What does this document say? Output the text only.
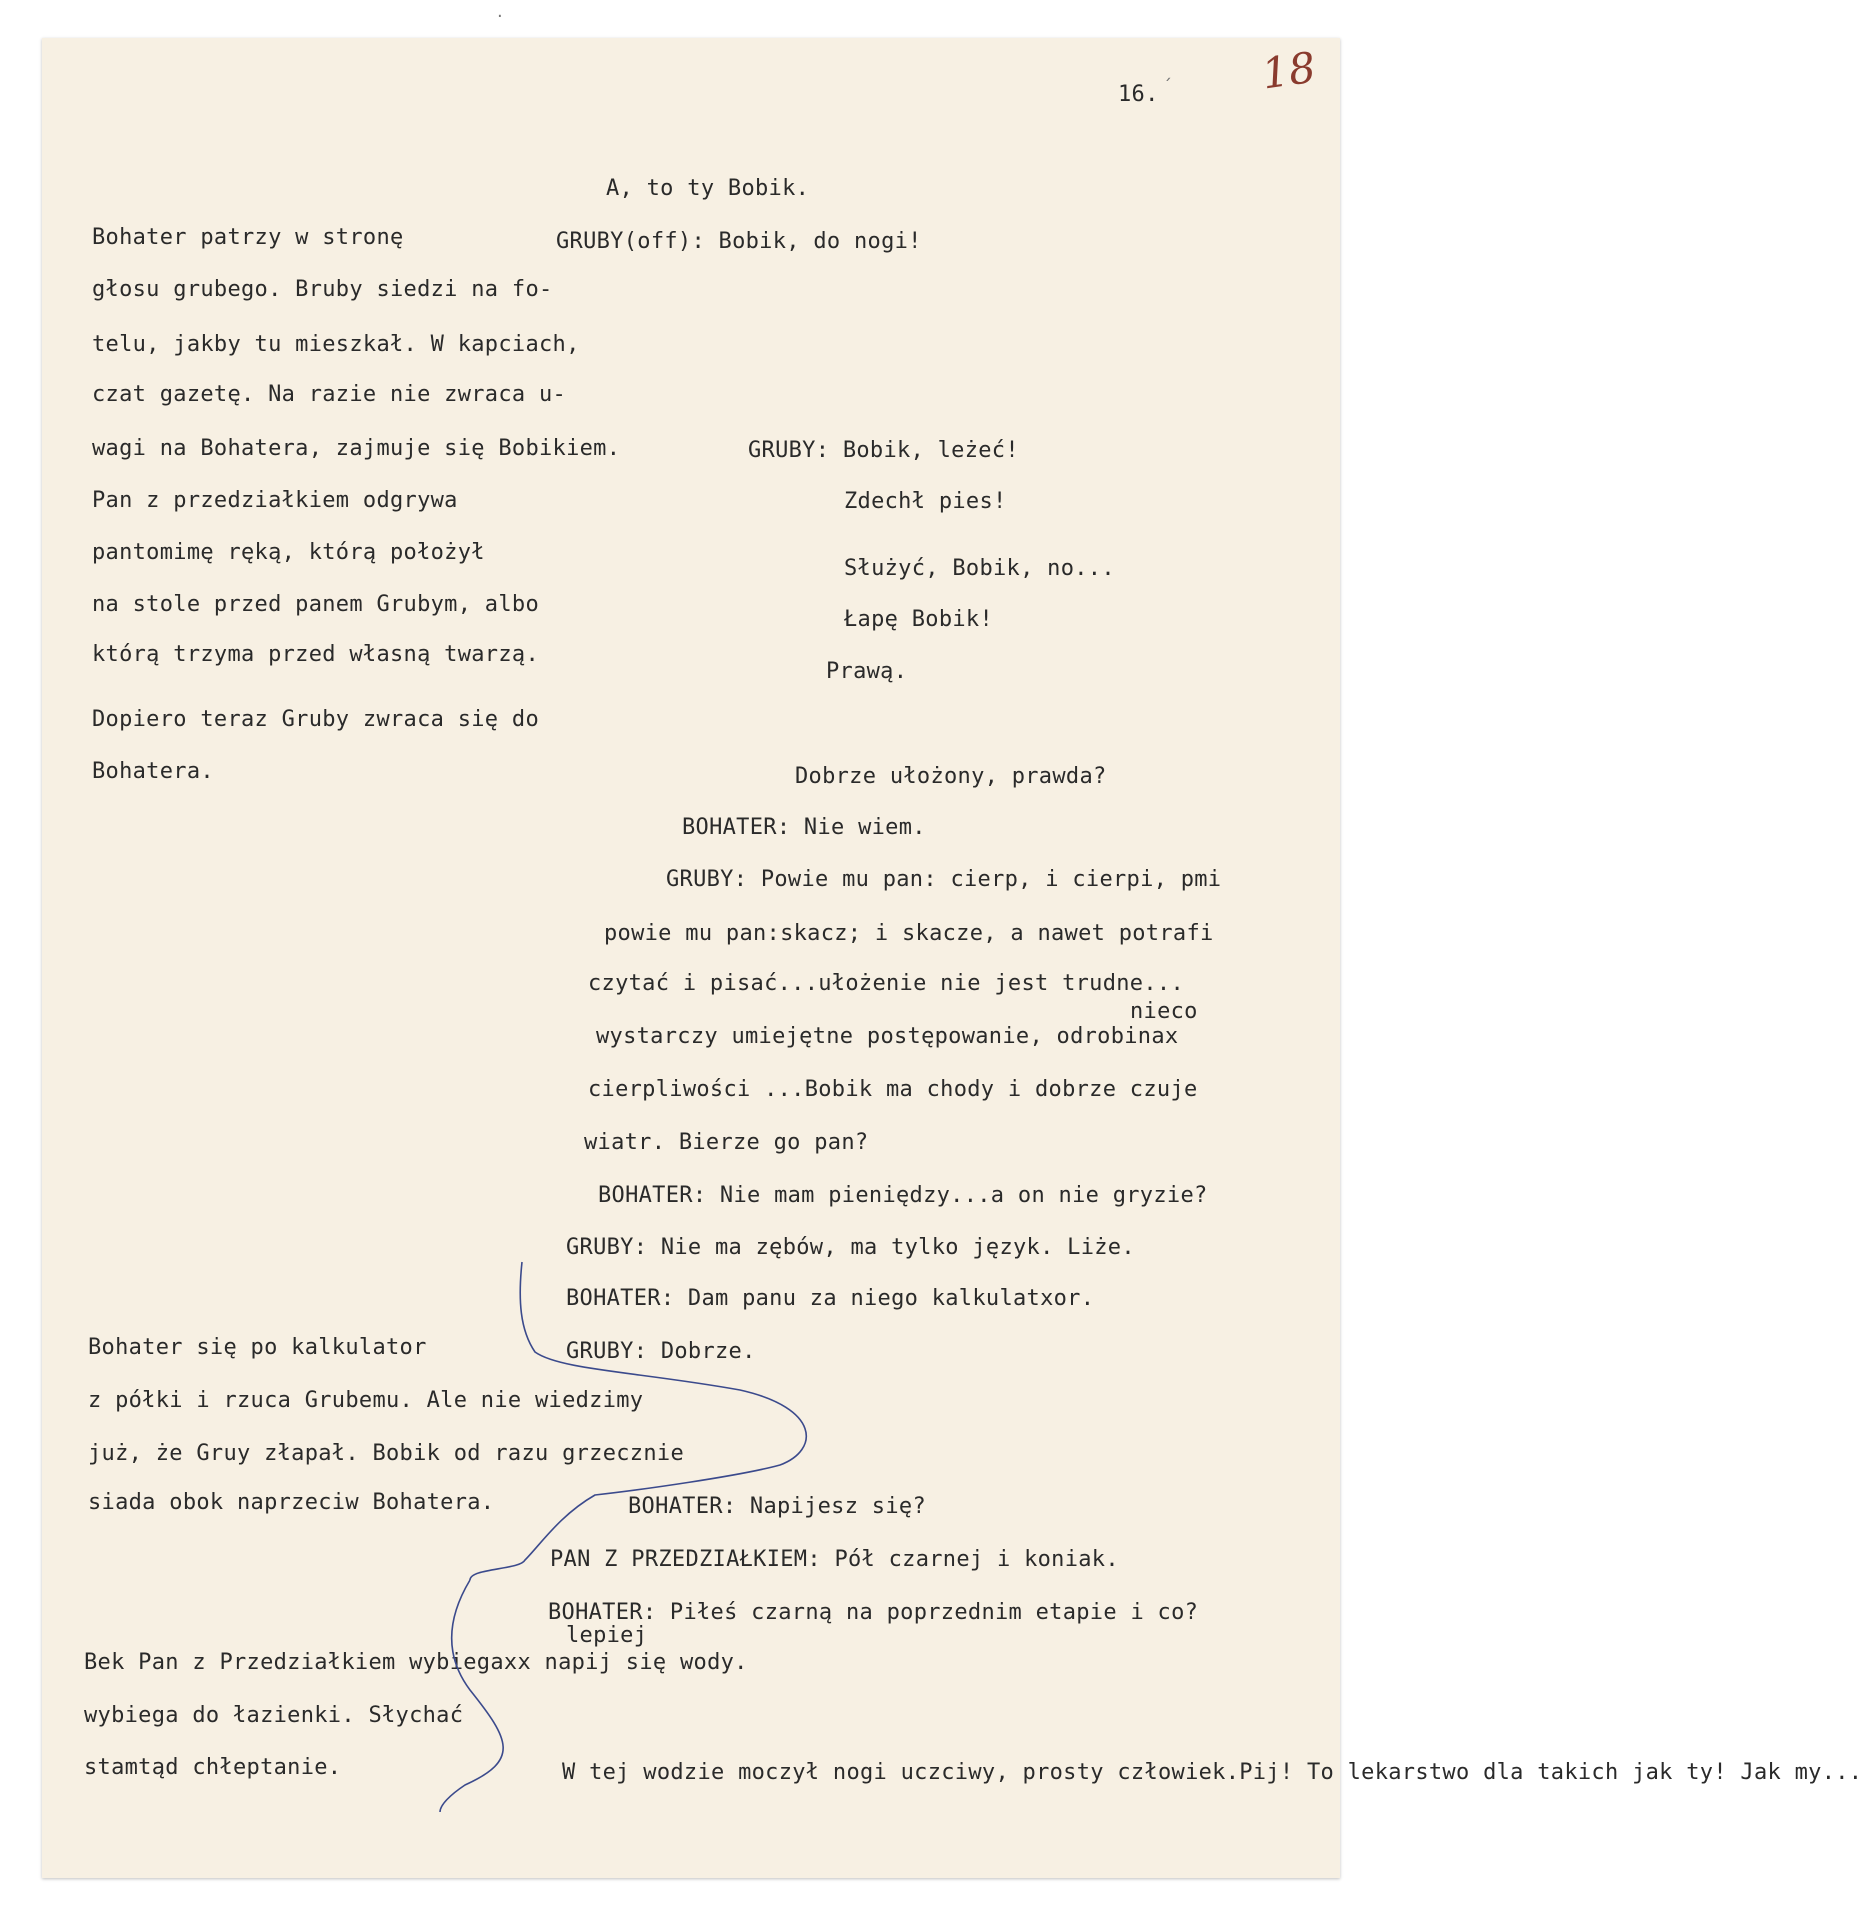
·
16. ´ 18
A, to ty Bobik.
Bohater patrzy w stronę	GRUBY(off): Bobik, do nogi!
głosu grubego. Bruby siedzi na fo-
telu, jakby tu mieszkał. W kapciach,
czat gazetę. Na razie nie zwraca u-
wagi na Bohatera, zajmuje się Bobikiem.	GRUBY: Bobik, leżeć!
Pan z przedziałkiem odgrywa	Zdechł pies!
pantomimę ręką, którą położył
Służyć, Bobik, no...
na stole przed panem Grubym, albo
Łapę Bobik!
którą trzyma przed własną twarzą.
Prawą.
Dopiero teraz Gruby zwraca się do
Bohatera.	Dobrze ułożony, prawda?
BOHATER: Nie wiem.
GRUBY: Powie mu pan: cierp, i cierpi, pmi
powie mu pan:skacz; i skacze, a nawet potrafi
czytać i pisać...ułożenie nie jest trudne...
nieco
wystarczy umiejętne postępowanie, odrobinax
cierpliwości ...Bobik ma chody i dobrze czuje
wiatr. Bierze go pan?
BOHATER: Nie mam pieniędzy...a on nie gryzie?
GRUBY: Nie ma zębów, ma tylko język. Liże.
BOHATER: Dam panu za niego kalkulatxor.
Bohater się po kalkulator	GRUBY: Dobrze.
z półki i rzuca Grubemu. Ale nie wiedzimy
już, że Gruy złapał. Bobik od razu grzecznie
siada obok naprzeciw Bohatera.	BOHATER: Napijesz się?
PAN Z PRZEDZIAŁKIEM: Pół czarnej i koniak.
BOHATER: Piłeś czarną na poprzednim etapie i co?
lepiej
Bek Pan z Przedziałkiem wybiegaxx napij się wody.
wybiega do łazienki. Słychać
stamtąd chłeptanie.	W tej wodzie moczył nogi uczciwy, prosty człowiek.Pij! To lekarstwo dla takich jak ty! Jak my...
